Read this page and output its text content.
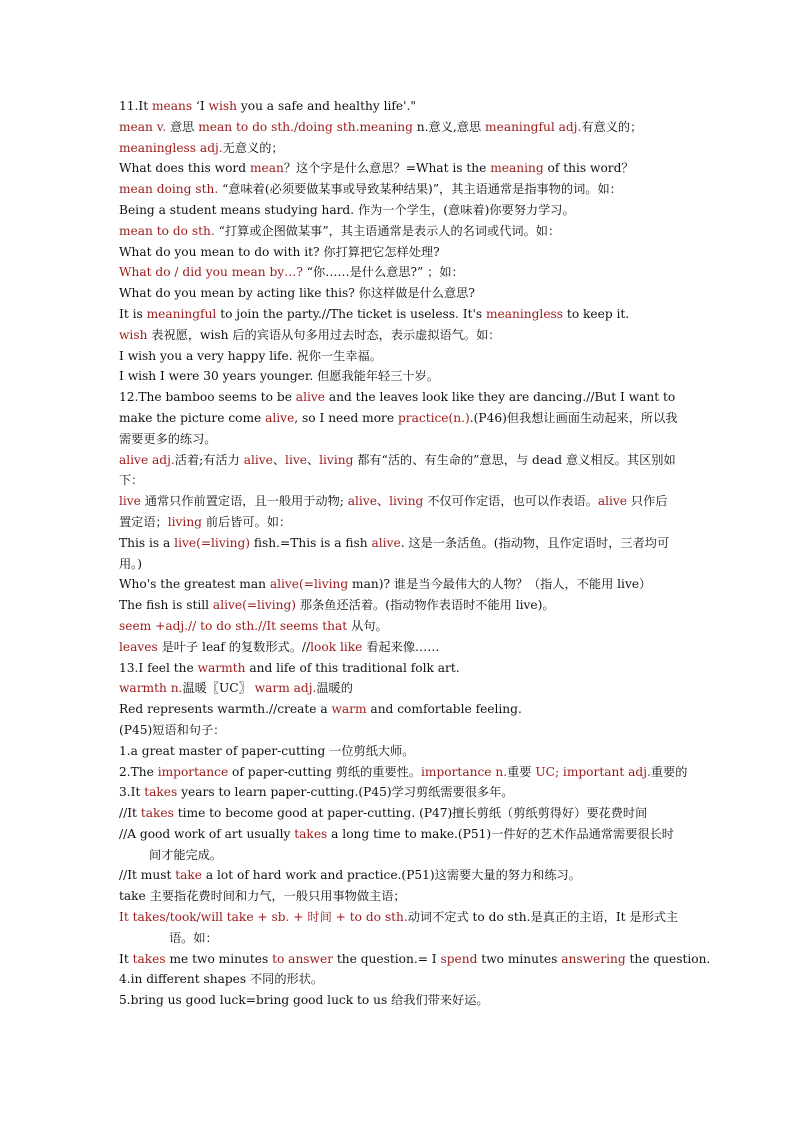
11.It means ‘I wish you a safe and healthy life'."
mean v. 意思 mean to do sth./doing sth.meaning n.意义,意思 meaningful adj.有意义的；
meaningless adj.无意义的；
What does this word mean？这个字是什么意思？=What is the meaning of this word？
mean doing sth. “意味着(必须要做某事或导致某种结果)”，其主语通常是指事物的词。如：
Being a student means studying hard. 作为一个学生，(意味着)你要努力学习。
mean to do sth. “打算或企图做某事”，其主语通常是表示人的名词或代词。如：
What do you mean to do with it? 你打算把它怎样处理?
What do / did you mean by…? “你……是什么意思?” ；如：
What do you mean by acting like this? 你这样做是什么意思?
It is meaningful to join the party.//The ticket is useless. It's meaningless to keep it.
wish 表祝愿，wish 后的宾语从句多用过去时态，表示虚拟语气。如：
I wish you a very happy life. 祝你一生幸福。
I wish I were 30 years younger. 但愿我能年轻三十岁。
12.The bamboo seems to be alive and the leaves look like they are dancing.//But I want to make the picture come alive, so I need more practice(n.).(P46)但我想让画面生动起来，所以我需要更多的练习。
alive adj.活着;有活力 alive、live、living 都有“活的、有生命的”意思，与 dead 意义相反。其区别如下：
live 通常只作前置定语，且一般用于动物; alive、living 不仅可作定语，也可以作表语。alive 只作后置定语；living 前后皆可。如：
This is a live(=living) fish.=This is a fish alive. 这是一条活鱼。(指动物，且作定语时，三者均可用。)
Who's the greatest man alive(=living man)? 谁是当今最伟大的人物？（指人，不能用 live）
The fish is still alive(=living) 那条鱼还活着。(指动物作表语时不能用 live)。
seem +adj.// to do sth.//It seems that 从句。
leaves 是叶子 leaf 的复数形式。//look like 看起来像……
13.I feel the warmth and life of this traditional folk art.
warmth n.温暖〖UC〗 warm adj.温暖的
Red represents warmth.//create a warm and comfortable feeling.
(P45)短语和句子：
1.a great master of paper-cutting 一位剪纸大师。
2.The importance of paper-cutting 剪纸的重要性。importance n.重要 UC; important adj.重要的
3.It takes years to learn paper-cutting.(P45)学习剪纸需要很多年。
//It takes time to become good at paper-cutting. (P47)擅长剪纸（剪纸剪得好）要花费时间
//A good work of art usually takes a long time to make.(P51)一件好的艺术作品通常需要很长时
间才能完成。
//It must take a lot of hard work and practice.(P51)这需要大量的努力和练习。
take 主要指花费时间和力气，一般只用事物做主语；
It takes/took/will take + sb. + 时间 + to do sth.动词不定式 to do sth.是真正的主语，It 是形式主
语。如：
It takes me two minutes to answer the question.= I spend two minutes answering the question.
4.in different shapes 不同的形状。
5.bring us good luck=bring good luck to us 给我们带来好运。
